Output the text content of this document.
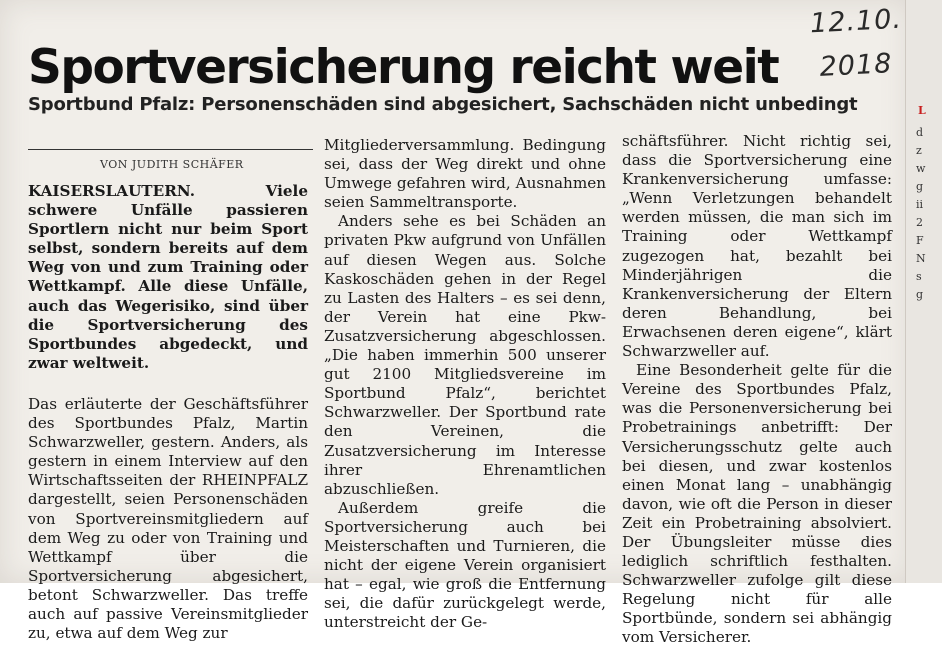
Sportversicherung reicht weit
Sportbund Pfalz: Personenschäden sind abgesichert, Sachschäden nicht unbedingt
12.10.
2018
VON JUDITH SCHÄFER

KAISERSLAUTERN. Viele schwere Unfälle passieren Sportlern nicht nur beim Sport selbst, sondern bereits auf dem Weg von und zum Training oder Wettkampf. Alle diese Unfälle, auch das Wegerisiko, sind über die Sportversicherung des Sportbundes abgedeckt, und zwar weltweit.

Das erläuterte der Geschäftsführer des Sportbundes Pfalz, Martin Schwarzweller, gestern. Anders, als gestern in einem Interview auf den Wirtschaftsseiten der RHEINPFALZ dargestellt, seien Personenschäden von Sportvereinsmitgliedern auf dem Weg zu oder von Training und Wettkampf über die Sportversicherung abgesichert, betont Schwarzweller. Das treffe auch auf passive Vereinsmitglieder zu, etwa auf dem Weg zur

Mitgliederversammlung. Bedingung sei, dass der Weg direkt und ohne Umwege gefahren wird, Ausnahmen seien Sammeltransporte.

Anders sehe es bei Schäden an privaten Pkw aufgrund von Unfällen auf diesen Wegen aus. Solche Kaskoschäden gehen in der Regel zu Lasten des Halters – es sei denn, der Verein hat eine Pkw-Zusatzversicherung abgeschlossen. „Die haben immerhin 500 unserer gut 2100 Mitgliedsvereine im Sportbund Pfalz“, berichtet Schwarzweller. Der Sportbund rate den Vereinen, die Zusatzversicherung im Interesse ihrer Ehrenamtlichen abzuschließen.

Außerdem greife die Sportversicherung auch bei Meisterschaften und Turnieren, die nicht der eigene Verein organisiert hat – egal, wie groß die Entfernung sei, die dafür zurückgelegt werde, unterstreicht der Ge-

schäftsführer. Nicht richtig sei, dass die Sportversicherung eine Krankenversicherung umfasse: „Wenn Verletzungen behandelt werden müssen, die man sich im Training oder Wettkampf zugezogen hat, bezahlt bei Minderjährigen die Krankenversicherung der Eltern deren Behandlung, bei Erwachsenen deren eigene“, klärt Schwarzweller auf.

Eine Besonderheit gelte für die Vereine des Sportbundes Pfalz, was die Personenversicherung bei Probetrainings anbetrifft: Der Versicherungsschutz gelte auch bei diesen, und zwar kostenlos einen Monat lang – unabhängig davon, wie oft die Person in dieser Zeit ein Probetraining absolviert. Der Übungsleiter müsse dies lediglich schriftlich festhalten. Schwarzweller zufolge gilt diese Regelung nicht für alle Sportbünde, sondern sei abhängig vom Versicherer.

L
d
z
w
g
ii
2
F
N
s
g
